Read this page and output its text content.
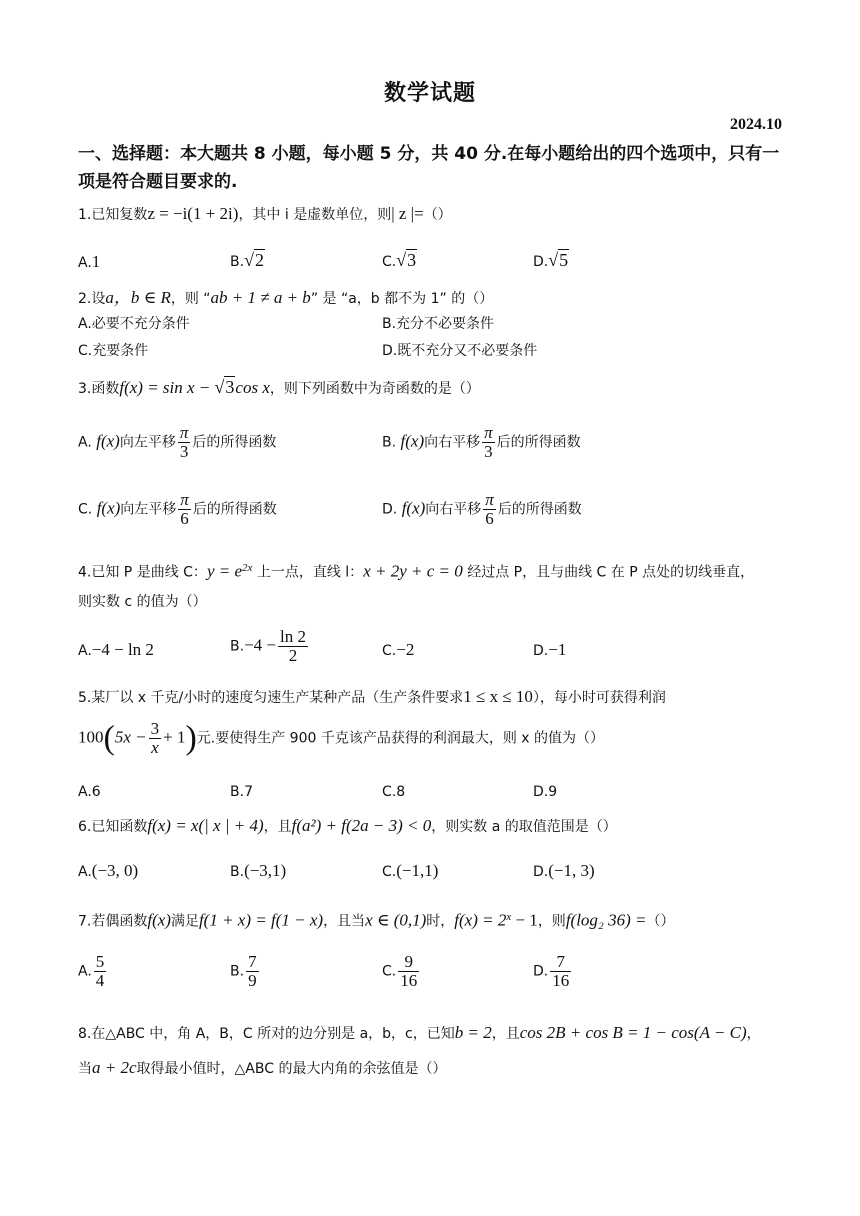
数学试题
2024.10
一、选择题：本大题共 8 小题，每小题 5 分，共 40 分.在每小题给出的四个选项中，只有一项是符合题目要求的.
1.已知复数z = −i(1 + 2i)，其中 i 是虚数单位，则| z |=（）
A.1	B.√2	C.√3	D.√5
2.设a，b ∈ R，则 “ab + 1 ≠ a + b” 是 “a，b 都不为 1” 的（）
A.必要不充分条件	B.充分不必要条件
C.充要条件	D.既不充分又不必要条件
3.函数f(x) = sin x − √3cos x，则下列函数中为奇函数的是（）
A. f(x)向左平移 $\frac{\pi}{3}$ 后的所得函数	B. f(x)向右平移 $\frac{\pi}{3}$ 后的所得函数
C. f(x)向左平移 $\frac{\pi}{6}$ 后的所得函数	D. f(x)向右平移 $\frac{\pi}{6}$ 后的所得函数
4.已知 P 是曲线 C：$y = e^{2x}$ 上一点，直线 l：x + 2y + c = 0 经过点 P，且与曲线 C 在 P 点处的切线垂直，
则实数 c 的值为（）
A.−4 − ln 2	$B.-4 - \frac{\ln 2}{2}$	C.−2	D.−1
5.某厂以 x 千克/小时的速度匀速生产某种产品（生产条件要求1 ≤ x ≤ 10），每小时可获得利润
$100(5x - \frac{3}{x} + 1)$元.要使得生产 900 千克该产品获得的利润最大，则 x 的值为（）
A.6	B.7	C.8	D.9
6.已知函数f(x) = x(| x | + 4)，且f(a²) + f(2a − 3) < 0，则实数 a 的取值范围是（）
A.(−3, 0)	B.(−3,1)	C.(−1,1)	D.(−1, 3)
7.若偶函数f(x)满足f(1 + x) = f(1 − x)，且当x ∈ (0,1)时，$f(x) = 2^x - 1$，则f(log₂ 36) =（）
A. $\frac{5}{4}$	B. $\frac{7}{9}$	C. $\frac{9}{16}$	D. $\frac{7}{16}$
8.在△ABC 中，角 A，B，C 所对的边分别是 a，b，c，已知b = 2，且cos 2B + cos B = 1 − cos(A − C)，
当a + 2c取得最小值时，△ABC 的最大内角的余弦值是（）
